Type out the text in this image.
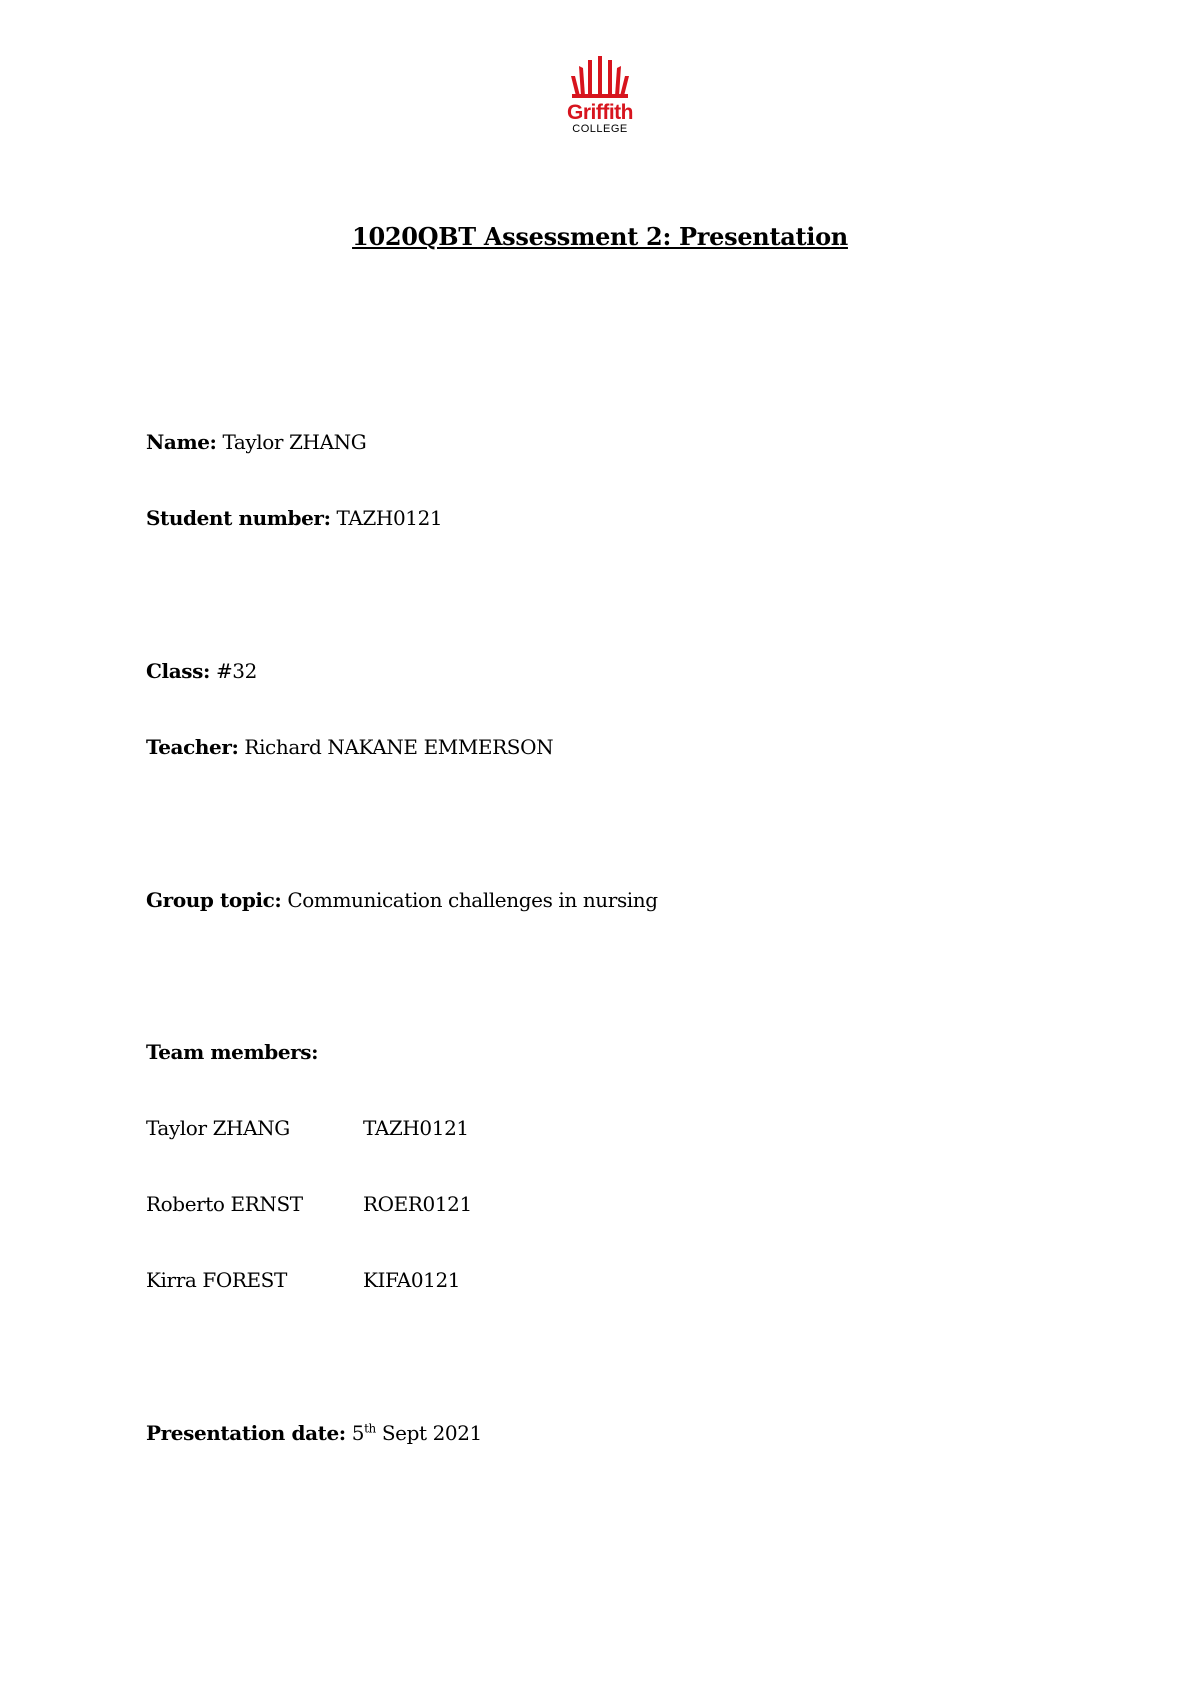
Griffith
COLLEGE
1020QBT Assessment 2: Presentation
Name: Taylor ZHANG
Student number: TAZH0121
Class: #32
Teacher: Richard NAKANE EMMERSON
Group topic: Communication challenges in nursing
Team members:
Taylor ZHANG	TAZH0121
Roberto ERNST	ROER0121
Kirra FOREST	KIFA0121
Presentation date: 5th Sept 2021
